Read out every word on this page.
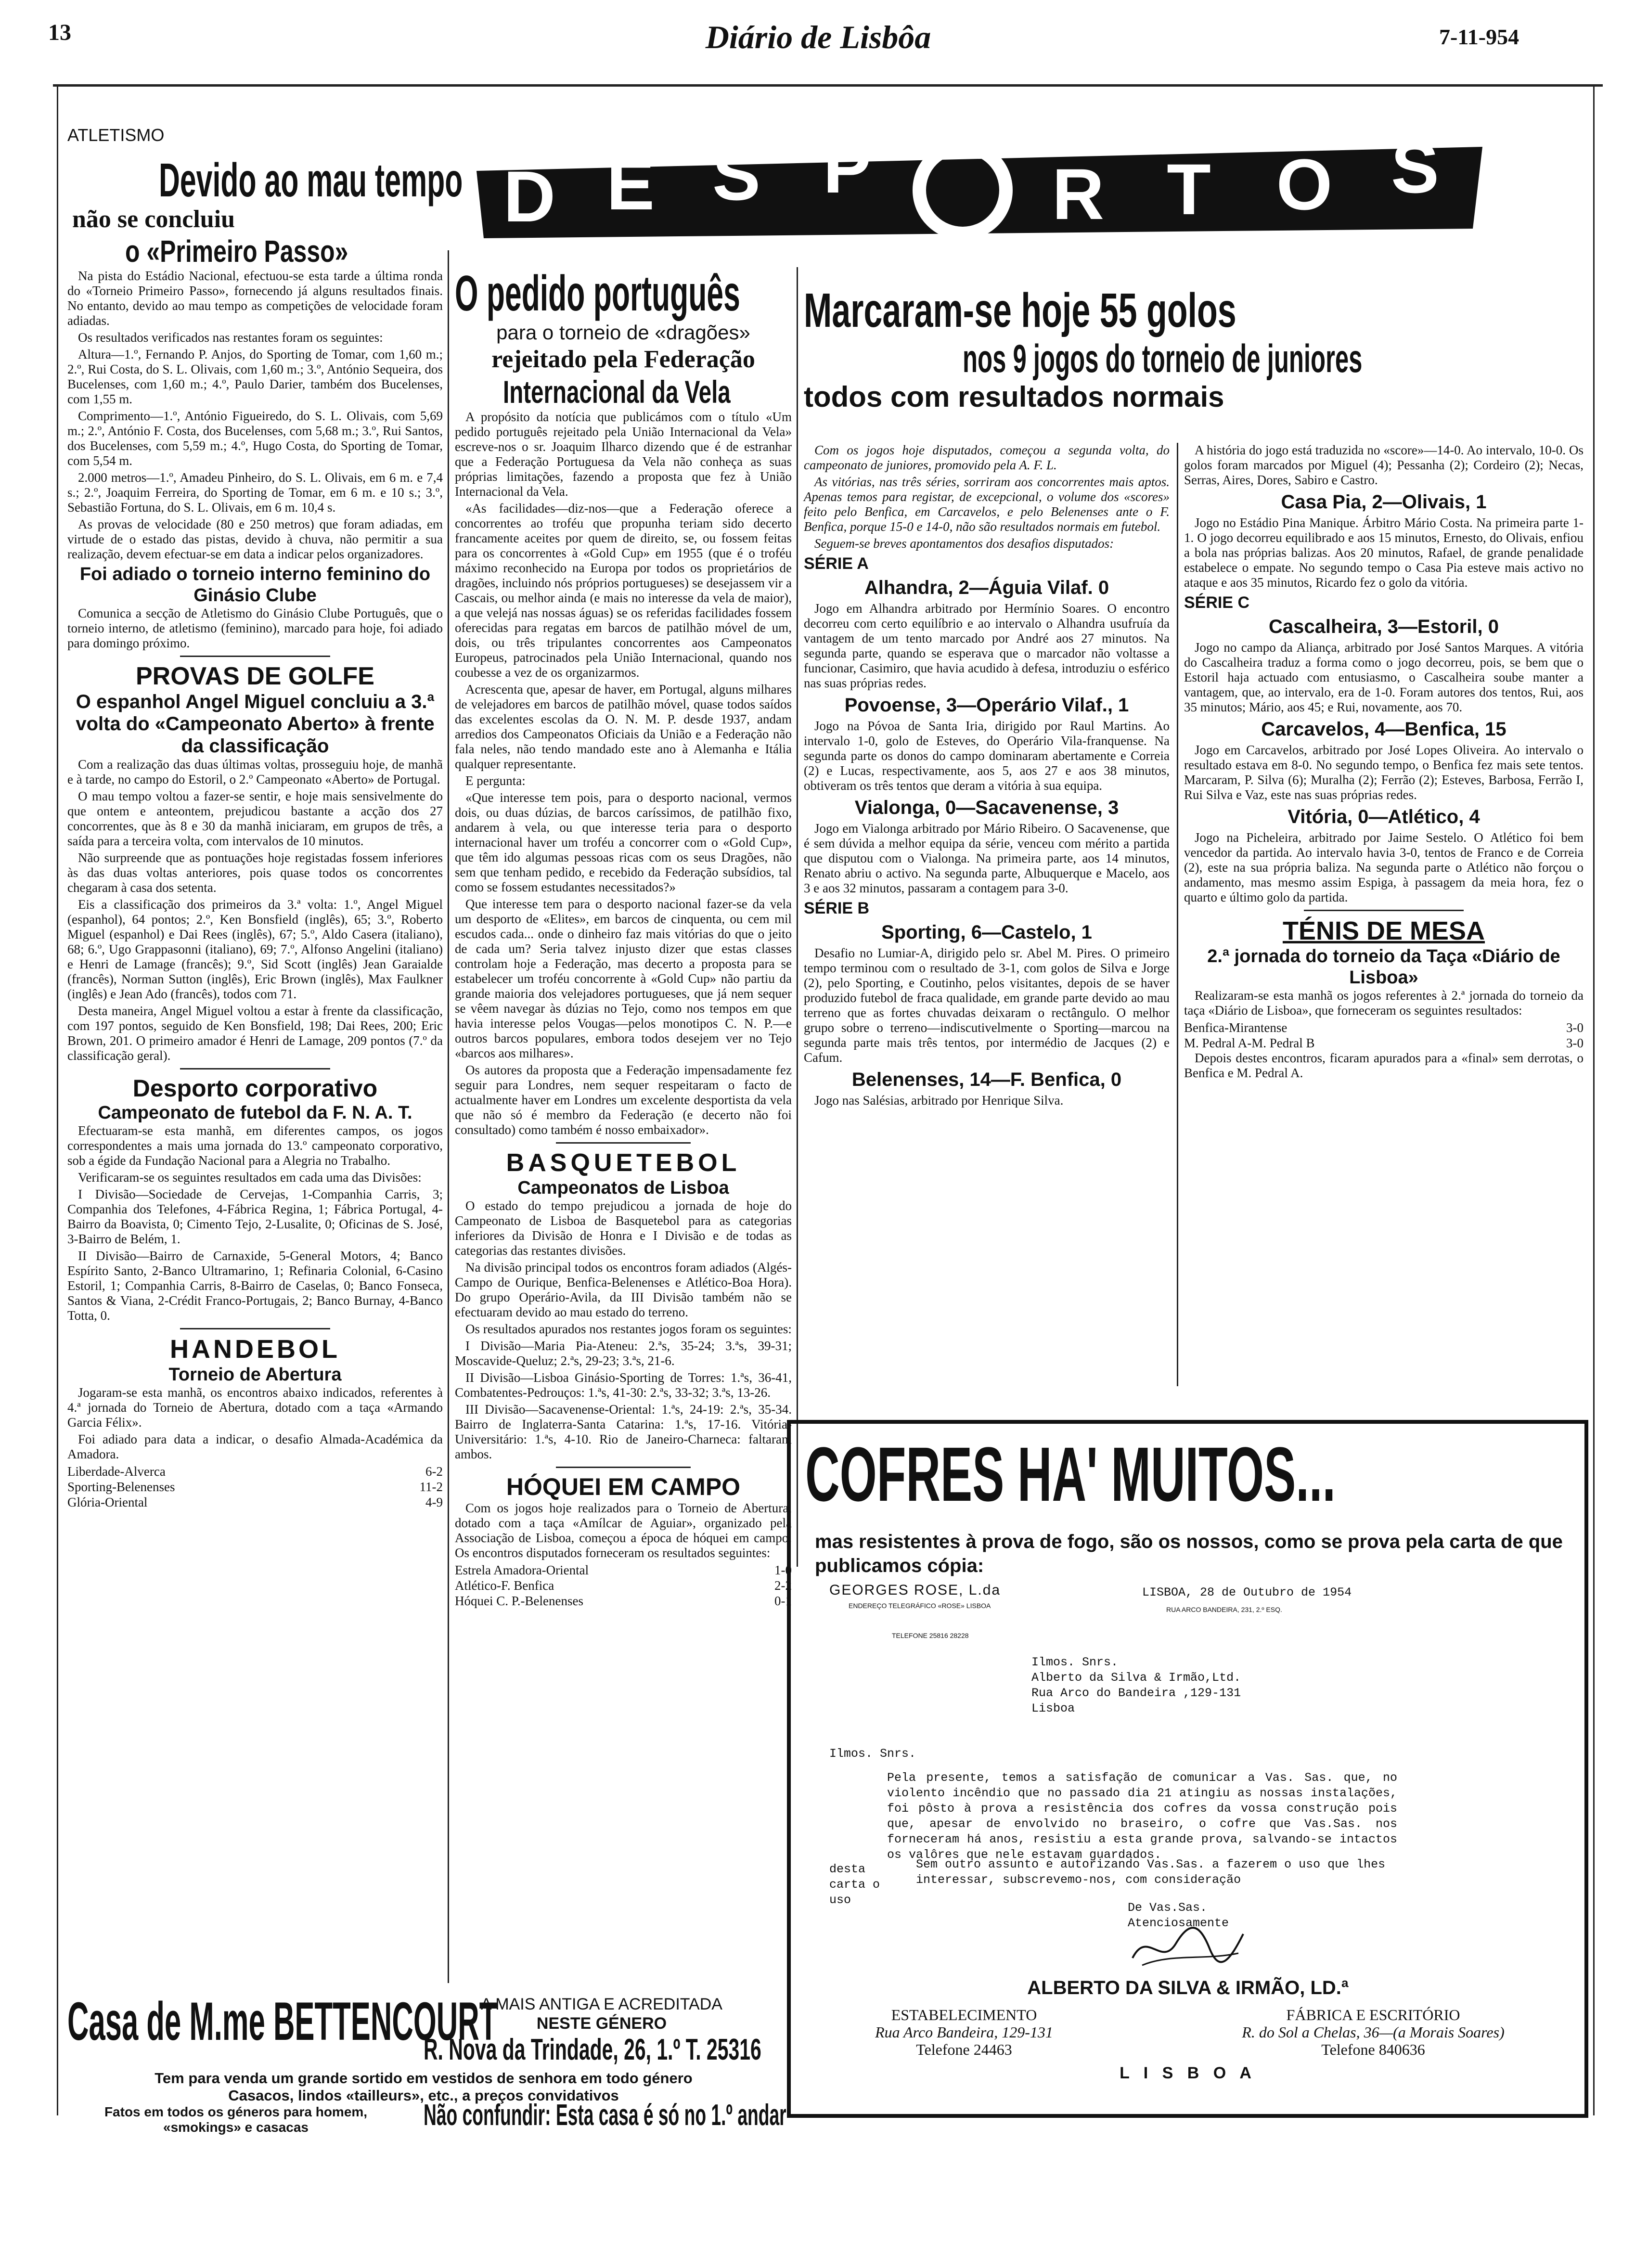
13	Diário de Lisbôa	7-11-954
D E S P	R T O S
ATLETISMO
Devido ao mau tempo
não se concluiu
o «Primeiro Passo»

Na pista do Estádio Nacional, efectuou-se esta tarde a última ronda do «Torneio Primeiro Passo», fornecendo já alguns resultados finais. No entanto, devido ao mau tempo as competições de velocidade foram adiadas.

Os resultados verificados nas restantes foram os seguintes:

Altura—1.º, Fernando P. Anjos, do Sporting de Tomar, com 1,60 m.; 2.º, Rui Costa, do S. L. Olivais, com 1,60 m.; 3.º, António Sequeira, dos Bucelenses, com 1,60 m.; 4.º, Paulo Darier, também dos Bucelenses, com 1,55 m.

Comprimento—1.º, António Figueiredo, do S. L. Olivais, com 5,69 m.; 2.º, António F. Costa, dos Bucelenses, com 5,68 m.; 3.º, Rui Santos, dos Bucelenses, com 5,59 m.; 4.º, Hugo Costa, do Sporting de Tomar, com 5,54 m.

2.000 metros—1.º, Amadeu Pinheiro, do S. L. Olivais, em 6 m. e 7,4 s.; 2.º, Joaquim Ferreira, do Sporting de Tomar, em 6 m. e 10 s.; 3.º, Sebastião Fortuna, do S. L. Olivais, em 6 m. 10,4 s.

As provas de velocidade (80 e 250 metros) que foram adiadas, em virtude de o estado das pistas, devido à chuva, não permitir a sua realização, devem efectuar-se em data a indicar pelos organizadores.

Foi adiado o torneio interno feminino do Ginásio Clube

Comunica a secção de Atletismo do Ginásio Clube Português, que o torneio interno, de atletismo (feminino), marcado para hoje, foi adiado para domingo próximo.

PROVAS DE GOLFE
O espanhol Angel Miguel concluiu a 3.ª volta do «Campeonato Aberto» à frente da classificação

Com a realização das duas últimas voltas, prosseguiu hoje, de manhã e à tarde, no campo do Estoril, o 2.º Campeonato «Aberto» de Portugal.

O mau tempo voltou a fazer-se sentir, e hoje mais sensivelmente do que ontem e anteontem, prejudicou bastante a acção dos 27 concorrentes, que às 8 e 30 da manhã iniciaram, em grupos de três, a saída para a terceira volta, com intervalos de 10 minutos.

Não surpreende que as pontuações hoje registadas fossem inferiores às das duas voltas anteriores, pois quase todos os concorrentes chegaram à casa dos setenta.

Eis a classificação dos primeiros da 3.ª volta: 1.º, Angel Miguel (espanhol), 64 pontos; 2.º, Ken Bonsfield (inglês), 65; 3.º, Roberto Miguel (espanhol) e Dai Rees (inglês), 67; 5.º, Aldo Casera (italiano), 68; 6.º, Ugo Grappasonni (italiano), 69; 7.º, Alfonso Angelini (italiano) e Henri de Lamage (francês); 9.º, Sid Scott (inglês) Jean Garaialde (francês), Norman Sutton (inglês), Eric Brown (inglês), Max Faulkner (inglês) e Jean Ado (francês), todos com 71.

Desta maneira, Angel Miguel voltou a estar à frente da classificação, com 197 pontos, seguido de Ken Bonsfield, 198; Dai Rees, 200; Eric Brown, 201. O primeiro amador é Henri de Lamage, 209 pontos (7.º da classificação geral).

Desporto corporativo
Campeonato de futebol da F. N. A. T.

Efectuaram-se esta manhã, em diferentes campos, os jogos correspondentes a mais uma jornada do 13.º campeonato corporativo, sob a égide da Fundação Nacional para a Alegria no Trabalho.

Verificaram-se os seguintes resultados em cada uma das Divisões:

I Divisão—Sociedade de Cervejas, 1-Companhia Carris, 3; Companhia dos Telefones, 4-Fábrica Regina, 1; Fábrica Portugal, 4-Bairro da Boavista, 0; Cimento Tejo, 2-Lusalite, 0; Oficinas de S. José, 3-Bairro de Belém, 1.

II Divisão—Bairro de Carnaxide, 5-General Motors, 4; Banco Espírito Santo, 2-Banco Ultramarino, 1; Refinaria Colonial, 6-Casino Estoril, 1; Companhia Carris, 8-Bairro de Caselas, 0; Banco Fonseca, Santos & Viana, 2-Crédit Franco-Portugais, 2; Banco Burnay, 4-Banco Totta, 0.

HANDEBOL
Torneio de Abertura

Jogaram-se esta manhã, os encontros abaixo indicados, referentes à 4.ª jornada do Torneio de Abertura, dotado com a taça «Armando Garcia Félix».

Foi adiado para data a indicar, o desafio Almada-Académica da Amadora.

Liberdade-Alverca	6-2
Sporting-Belenenses	11-2
Glória-Oriental	4-9
O pedido português
para o torneio de «dragões»
rejeitado pela Federação
Internacional da Vela

A propósito da notícia que publicámos com o título «Um pedido português rejeitado pela União Internacional da Vela» escreve-nos o sr. Joaquim Ilharco dizendo que é de estranhar que a Federação Portuguesa da Vela não conheça as suas próprias limitações, fazendo a proposta que fez à União Internacional da Vela.

«As facilidades—diz-nos—que a Federação oferece a concorrentes ao troféu que propunha teriam sido decerto francamente aceites por quem de direito, se, ou fossem feitas para os concorrentes à «Gold Cup» em 1955 (que é o troféu máximo reconhecido na Europa por todos os proprietários de dragões, incluindo nós próprios portugueses) se desejassem vir a Cascais, ou melhor ainda (e mais no interesse da vela de maior), a que velejá nas nossas águas) se os referidas facilidades fossem oferecidas para regatas em barcos de patilhão móvel de um, dois, ou três tripulantes concorrentes aos Campeonatos Europeus, patrocinados pela União Internacional, quando nos coubesse a vez de os organizarmos.

Acrescenta que, apesar de haver, em Portugal, alguns milhares de velejadores em barcos de patilhão móvel, quase todos saídos das excelentes escolas da O. N. M. P. desde 1937, andam arredios dos Campeonatos Oficiais da União e a Federação não fala neles, não tendo mandado este ano à Alemanha e Itália qualquer representante.

E pergunta:

«Que interesse tem pois, para o desporto nacional, vermos dois, ou duas dúzias, de barcos caríssimos, de patilhão fixo, andarem à vela, ou que interesse teria para o desporto internacional haver um troféu a concorrer com o «Gold Cup», que têm ido algumas pessoas ricas com os seus Dragões, não sem que tenham pedido, e recebido da Federação subsídios, tal como se fossem estudantes necessitados?»

Que interesse tem para o desporto nacional fazer-se da vela um desporto de «Elites», em barcos de cinquenta, ou cem mil escudos cada... onde o dinheiro faz mais vitórias do que o jeito de cada um? Seria talvez injusto dizer que estas classes controlam hoje a Federação, mas decerto a proposta para se estabelecer um troféu concorrente à «Gold Cup» não partiu da grande maioria dos velejadores portugueses, que já nem sequer se vêem navegar às dúzias no Tejo, como nos tempos em que havia interesse pelos Vougas—pelos monotipos C. N. P.—e outros barcos populares, embora todos desejem ver no Tejo «barcos aos milhares».

Os autores da proposta que a Federação impensadamente fez seguir para Londres, nem sequer respeitaram o facto de actualmente haver em Londres um excelente desportista da vela que não só é membro da Federação (e decerto não foi consultado) como também é nosso embaixador».

BASQUETEBOL
Campeonatos de Lisboa

O estado do tempo prejudicou a jornada de hoje do Campeonato de Lisboa de Basquetebol para as categorias inferiores da Divisão de Honra e I Divisão e de todas as categorias das restantes divisões.

Na divisão principal todos os encontros foram adiados (Algés-Campo de Ourique, Benfica-Belenenses e Atlético-Boa Hora). Do grupo Operário-Avila, da III Divisão também não se efectuaram devido ao mau estado do terreno.

Os resultados apurados nos restantes jogos foram os seguintes:

I Divisão—Maria Pia-Ateneu: 2.ªs, 35-24; 3.ªs, 39-31; Moscavide-Queluz; 2.ªs, 29-23; 3.ªs, 21-6.

II Divisão—Lisboa Ginásio-Sporting de Torres: 1.ªs, 36-41, Combatentes-Pedrouços: 1.ªs, 41-30: 2.ªs, 33-32; 3.ªs, 13-26.

III Divisão—Sacavenense-Oriental: 1.ªs, 24-19: 2.ªs, 35-34. Bairro de Inglaterra-Santa Catarina: 1.ªs, 17-16. Vitória-Universitário: 1.ªs, 4-10. Rio de Janeiro-Charneca: faltaram ambos.

HÓQUEI EM CAMPO

Com os jogos hoje realizados para o Torneio de Abertura, dotado com a taça «Amílcar de Aguiar», organizado pela Associação de Lisboa, começou a época de hóquei em campo. Os encontros disputados forneceram os resultados seguintes:

Estrela Amadora-Oriental	1-0
Atlético-F. Benfica	2-2
Hóquei C. P.-Belenenses	0-1
Marcaram-se hoje 55 golos
nos 9 jogos do torneio de juniores
todos com resultados normais

Com os jogos hoje disputados, começou a segunda volta, do campeonato de juniores, promovido pela A. F. L.

As vitórias, nas três séries, sorriram aos concorrentes mais aptos. Apenas temos para registar, de excepcional, o volume dos «scores» feito pelo Benfica, em Carcavelos, e pelo Belenenses ante o F. Benfica, porque 15-0 e 14-0, não são resultados normais em futebol.

Seguem-se breves apontamentos dos desafios disputados:

SÉRIE A
Alhandra, 2—Águia Vilaf. 0

Jogo em Alhandra arbitrado por Hermínio Soares. O encontro decorreu com certo equilíbrio e ao intervalo o Alhandra usufruía da vantagem de um tento marcado por André aos 27 minutos. Na segunda parte, quando se esperava que o marcador não voltasse a funcionar, Casimiro, que havia acudido à defesa, introduziu o esférico nas suas próprias redes.

Povoense, 3—Operário Vilaf., 1

Jogo na Póvoa de Santa Iria, dirigido por Raul Martins. Ao intervalo 1-0, golo de Esteves, do Operário Vila-franquense. Na segunda parte os donos do campo dominaram abertamente e Correia (2) e Lucas, respectivamente, aos 5, aos 27 e aos 38 minutos, obtiveram os três tentos que deram a vitória à sua equipa.

Vialonga, 0—Sacavenense, 3

Jogo em Vialonga arbitrado por Mário Ribeiro. O Sacavenense, que é sem dúvida a melhor equipa da série, venceu com mérito a partida que disputou com o Vialonga. Na primeira parte, aos 14 minutos, Renato abriu o activo. Na segunda parte, Albuquerque e Macelo, aos 3 e aos 32 minutos, passaram a contagem para 3-0.

SÉRIE B
Sporting, 6—Castelo, 1

Desafio no Lumiar-A, dirigido pelo sr. Abel M. Pires. O primeiro tempo terminou com o resultado de 3-1, com golos de Silva e Jorge (2), pelo Sporting, e Coutinho, pelos visitantes, depois de se haver produzido futebol de fraca qualidade, em grande parte devido ao mau terreno que as fortes chuvadas deixaram o rectângulo. O melhor grupo sobre o terreno—indiscutivelmente o Sporting—marcou na segunda parte mais três tentos, por intermédio de Jacques (2) e Cafum.

Belenenses, 14—F. Benfica, 0

Jogo nas Salésias, arbitrado por Henrique Silva.

A história do jogo está traduzida no «score»—14-0. Ao intervalo, 10-0. Os golos foram marcados por Miguel (4); Pessanha (2); Cordeiro (2); Necas, Serras, Aires, Dores, Sabiro e Castro.

Casa Pia, 2—Olivais, 1

Jogo no Estádio Pina Manique. Árbitro Mário Costa. Na primeira parte 1-1. O jogo decorreu equilibrado e aos 15 minutos, Ernesto, do Olivais, enfiou a bola nas próprias balizas. Aos 20 minutos, Rafael, de grande penalidade estabelece o empate. No segundo tempo o Casa Pia esteve mais activo no ataque e aos 35 minutos, Ricardo fez o golo da vitória.

SÉRIE C
Cascalheira, 3—Estoril, 0

Jogo no campo da Aliança, arbitrado por José Santos Marques. A vitória do Cascalheira traduz a forma como o jogo decorreu, pois, se bem que o Estoril haja actuado com entusiasmo, o Cascalheira soube manter a vantagem, que, ao intervalo, era de 1-0. Foram autores dos tentos, Rui, aos 35 minutos; Mário, aos 45; e Rui, novamente, aos 70.

Carcavelos, 4—Benfica, 15

Jogo em Carcavelos, arbitrado por José Lopes Oliveira. Ao intervalo o resultado estava em 8-0. No segundo tempo, o Benfica fez mais sete tentos. Marcaram, P. Silva (6); Muralha (2); Ferrão (2); Esteves, Barbosa, Ferrão I, Rui Silva e Vaz, este nas suas próprias redes.

Vitória, 0—Atlético, 4

Jogo na Picheleira, arbitrado por Jaime Sestelo. O Atlético foi bem vencedor da partida. Ao intervalo havia 3-0, tentos de Franco e de Correia (2), este na sua própria baliza. Na segunda parte o Atlético não forçou o andamento, mas mesmo assim Espiga, à passagem da meia hora, fez o quarto e último golo da partida.

TÉNIS DE MESA
2.ª jornada do torneio da Taça «Diário de Lisboa»

Realizaram-se esta manhã os jogos referentes à 2.ª jornada do torneio da taça «Diário de Lisboa», que forneceram os seguintes resultados:

Benfica-Mirantense	3-0
M. Pedral A-M. Pedral B	3-0

Depois destes encontros, ficaram apurados para a «final» sem derrotas, o Benfica e M. Pedral A.

COFRES HA' MUITOS...
mas resistentes à prova de fogo, são os nossos, como se prova pela carta de que publicamos cópia:
GEORGES ROSE, L.da
ENDEREÇO TELEGRÁFICO «ROSE» LISBOA
TELEFONE 25816 28228
LISBOA, 28 de Outubro de 1954
RUA ARCO BANDEIRA, 231, 2.º ESQ.
Ilmos. Snrs.
Alberto da Silva & Irmão,Ltd.
Rua Arco do Bandeira ,129-131
Lisboa
Ilmos. Snrs.
Pela presente, temos a satisfação de comunicar a Vas. Sas. que, no violento incêndio que no passado dia 21 atingiu as nossas instalações, foi pôsto à prova a resistência dos cofres da vossa construção pois que, apesar de envolvido no braseiro, o cofre que Vas.Sas. nos forneceram há anos, resistiu a esta grande prova, salvando-se intactos os valôres que nele estavam guardados.
desta carta o uso
Sem outro assunto e autorizando Vas.Sas. a fazerem o uso que lhes interessar, subscrevemo-nos, com consideração
De Vas.Sas. Atenciosamente
ALBERTO DA SILVA & IRMÃO, LD.ª
ESTABELECIMENTO
Rua Arco Bandeira, 129-131
Telefone 24463
FÁBRICA E ESCRITÓRIO
R. do Sol a Chelas, 36—(a Morais Soares)
Telefone 840636
L I S B O A
Casa de M.me BETTENCOURT
A MAIS ANTIGA E ACREDITADA
NESTE GÉNERO
R. Nova da Trindade, 26, 1.º T. 25316
Tem para venda um grande sortido em vestidos de senhora em todo género
Casacos, lindos «tailleurs», etc., a preços convidativos
Fatos em todos os géneros para homem, «smokings» e casacas	Não confundir: Esta casa é só no 1.º andar
